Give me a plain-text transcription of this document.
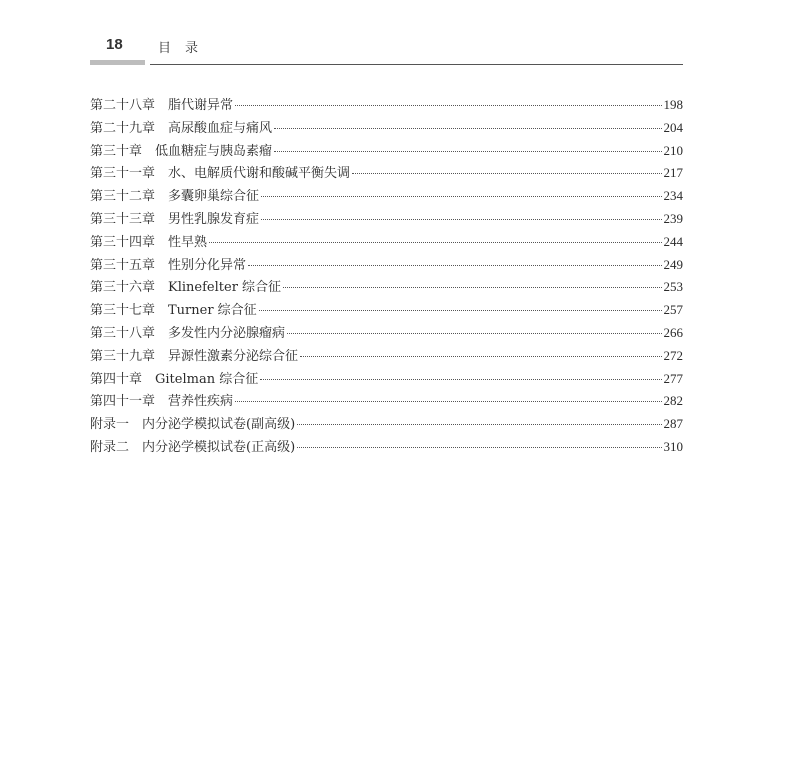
18	目录
第二十八章 脂代谢异常	198
第二十九章 高尿酸血症与痛风	204
第三十章 低血糖症与胰岛素瘤	210
第三十一章 水、电解质代谢和酸碱平衡失调	217
第三十二章 多囊卵巢综合征	234
第三十三章 男性乳腺发育症	239
第三十四章 性早熟	244
第三十五章 性别分化异常	249
第三十六章 Klinefelter 综合征	253
第三十七章 Turner 综合征	257
第三十八章 多发性内分泌腺瘤病	266
第三十九章 异源性激素分泌综合征	272
第四十章 Gitelman 综合征	277
第四十一章 营养性疾病	282
附录一 内分泌学模拟试卷(副高级)	287
附录二 内分泌学模拟试卷(正高级)	310
